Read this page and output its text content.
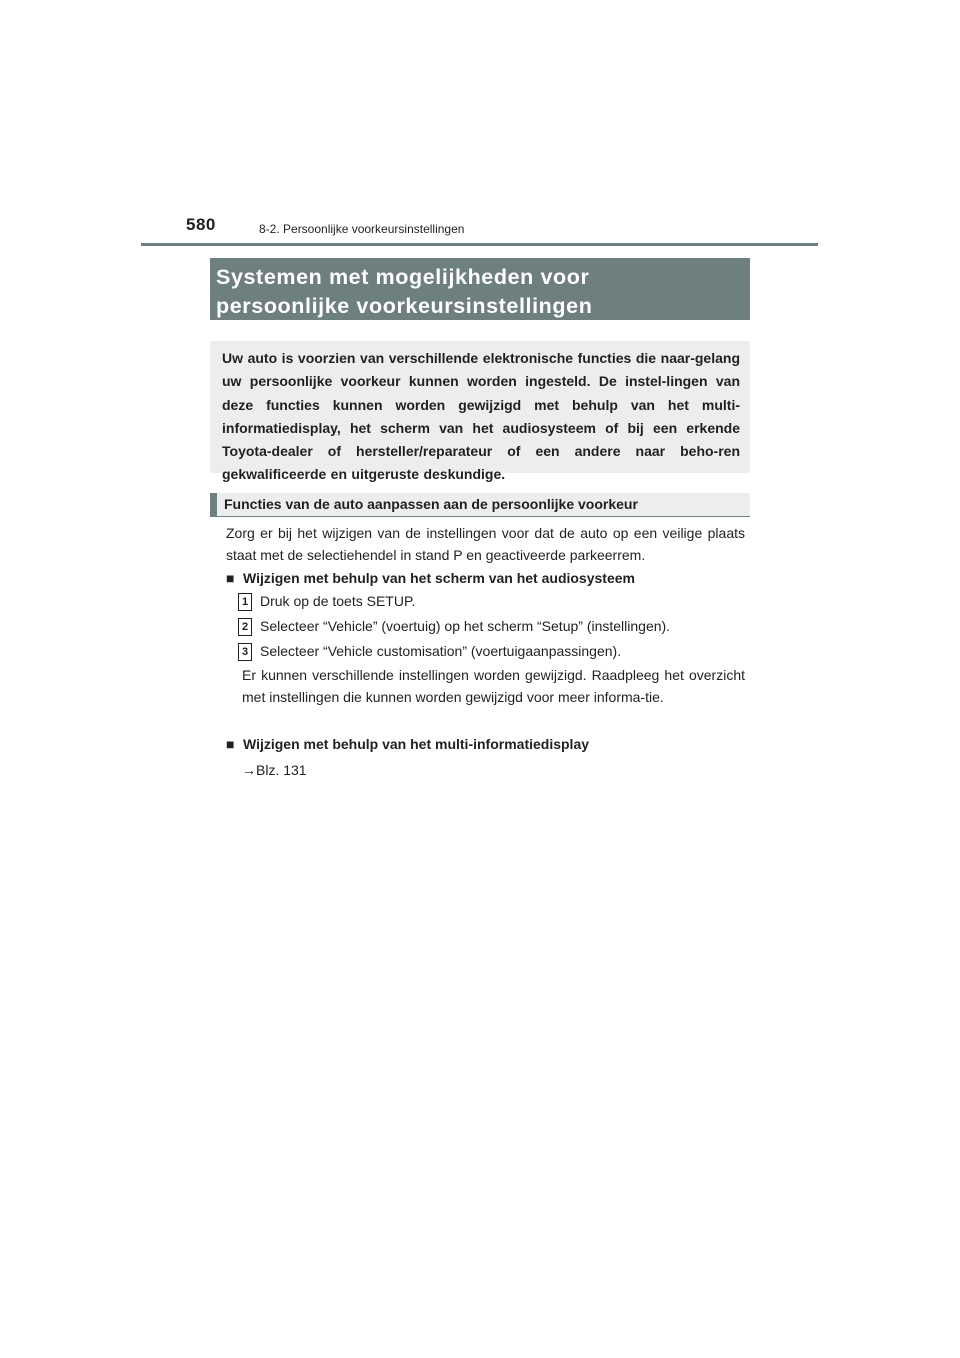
580	8-2. Persoonlijke voorkeursinstellingen
Systemen met mogelijkheden voor
persoonlijke voorkeursinstellingen

Uw auto is voorzien van verschillende elektronische functies die naar-gelang uw persoonlijke voorkeur kunnen worden ingesteld. De instel-lingen van deze functies kunnen worden gewijzigd met behulp van het multi-informatiedisplay, het scherm van het audiosysteem of bij een erkende Toyota-dealer of hersteller/reparateur of een andere naar beho-ren gekwalificeerde en uitgeruste deskundige.

Functies van de auto aanpassen aan de persoonlijke voorkeur
Zorg er bij het wijzigen van de instellingen voor dat de auto op een veilige plaats staat met de selectiehendel in stand P en geactiveerde parkeerrem.
■ Wijzigen met behulp van het scherm van het audiosysteem
1 Druk op de toets SETUP.
2 Selecteer “Vehicle” (voertuig) op het scherm “Setup” (instellingen).
3 Selecteer “Vehicle customisation” (voertuigaanpassingen).
Er kunnen verschillende instellingen worden gewijzigd. Raadpleeg het overzicht met instellingen die kunnen worden gewijzigd voor meer informa-tie.
■ Wijzigen met behulp van het multi-informatiedisplay
→Blz. 131
